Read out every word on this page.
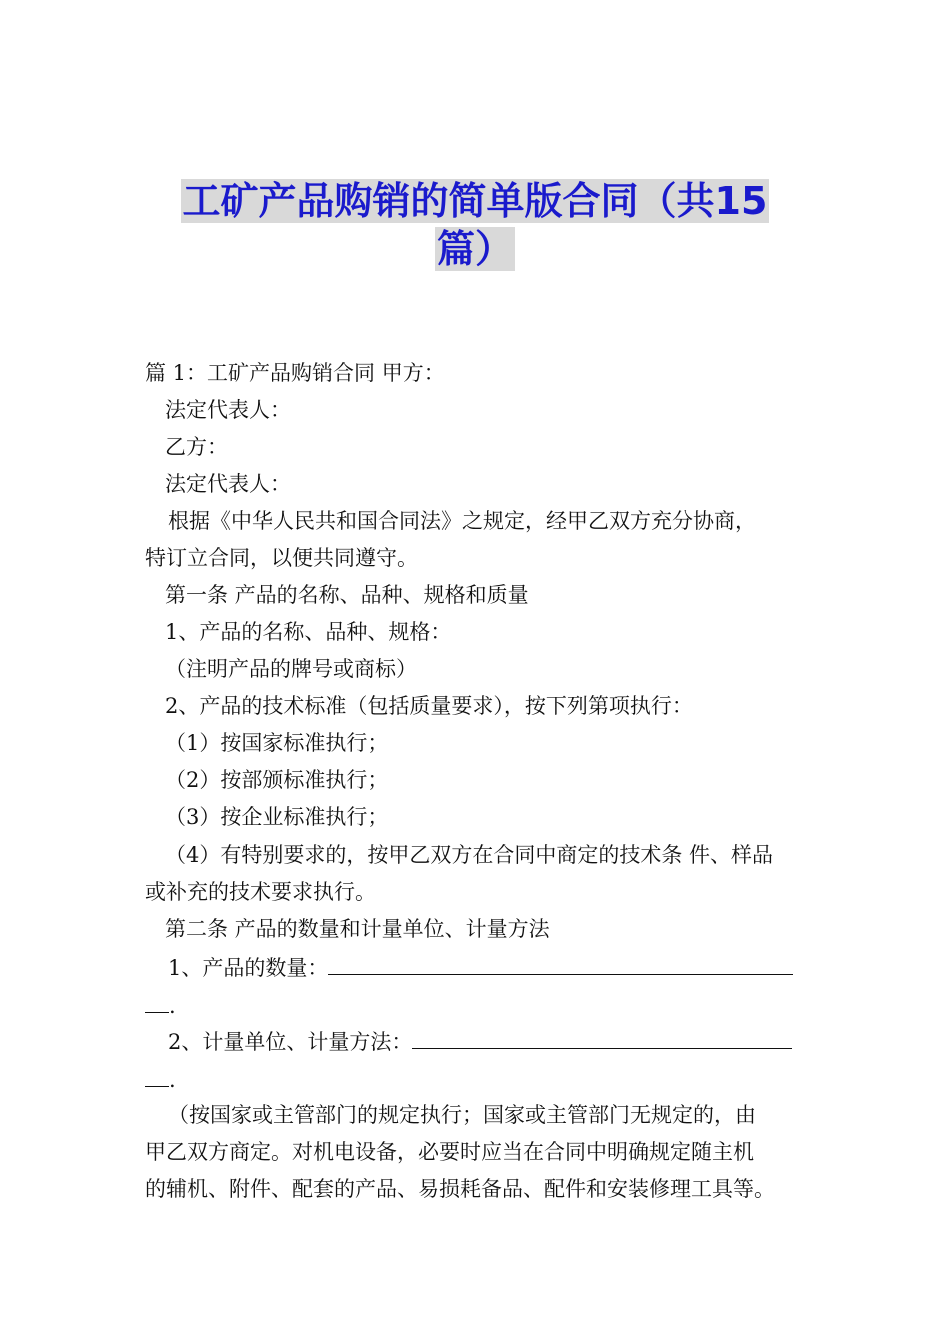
工矿产品购销的简单版合同（共15
篇）
篇 1：工矿产品购销合同 甲方：
法定代表人：
乙方：
法定代表人：
根据《中华人民共和国合同法》之规定，经甲乙双方充分协商，
特订立合同，以便共同遵守。
第一条 产品的名称、品种、规格和质量
1、产品的名称、品种、规格：
（注明产品的牌号或商标）
2、产品的技术标准（包括质量要求），按下列第项执行：
（1）按国家标准执行；
（2）按部颁标准执行；
（3）按企业标准执行；
（4）有特别要求的，按甲乙双方在合同中商定的技术条 件、样品
或补充的技术要求执行。
第二条 产品的数量和计量单位、计量方法
1、产品的数量：
.
2、计量单位、计量方法：
.
（按国家或主管部门的规定执行；国家或主管部门无规定的，由
甲乙双方商定。对机电设备，必要时应当在合同中明确规定随主机
的辅机、附件、配套的产品、易损耗备品、配件和安装修理工具等。
